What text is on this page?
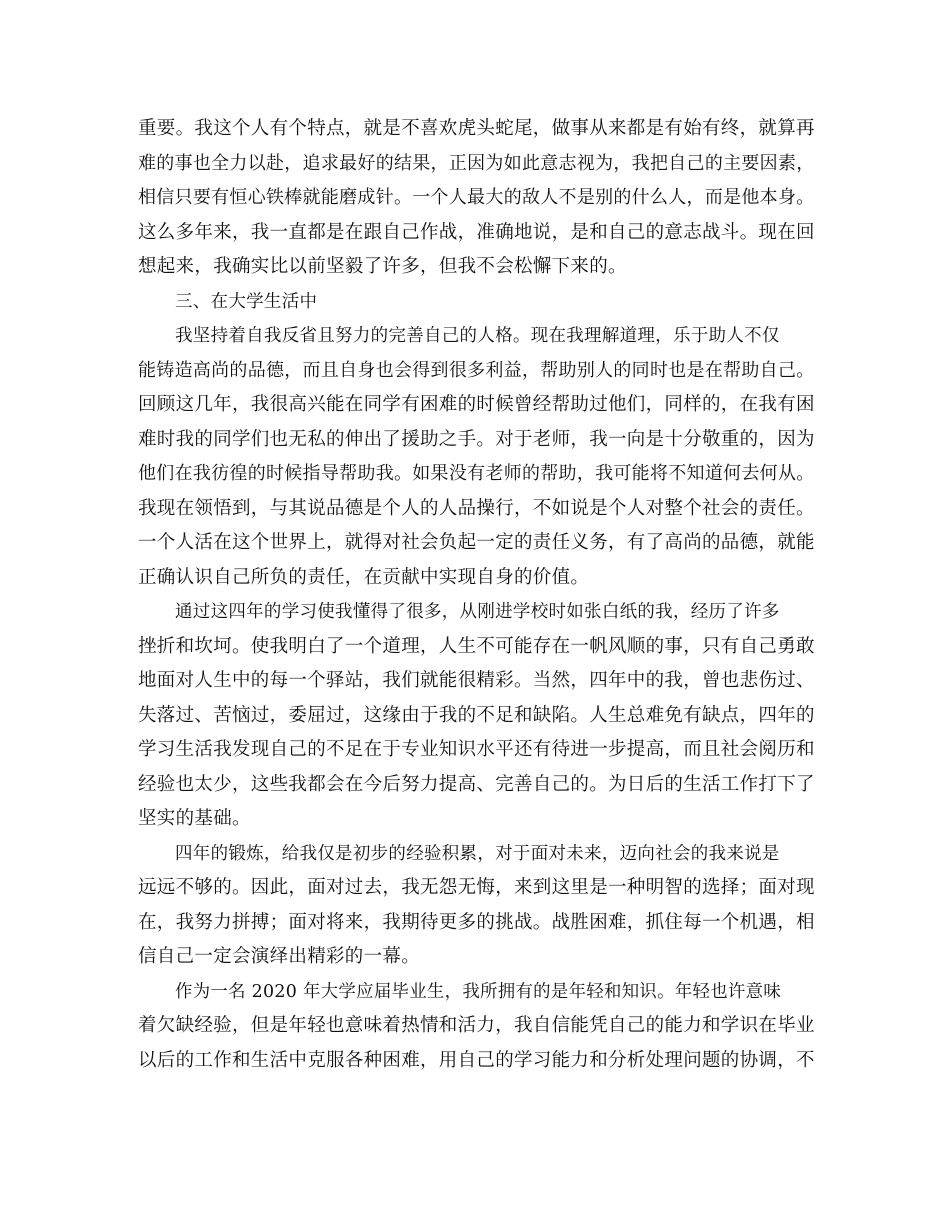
重要。我这个人有个特点，就是不喜欢虎头蛇尾，做事从来都是有始有终，就算再
难的事也全力以赴，追求最好的结果，正因为如此意志视为，我把自己的主要因素，
相信只要有恒心铁棒就能磨成针。一个人最大的敌人不是别的什么人，而是他本身。
这么多年来，我一直都是在跟自己作战，准确地说，是和自己的意志战斗。现在回
想起来，我确实比以前坚毅了许多，但我不会松懈下来的。
三、在大学生活中
我坚持着自我反省且努力的完善自己的人格。现在我理解道理，乐于助人不仅
能铸造高尚的品德，而且自身也会得到很多利益，帮助别人的同时也是在帮助自己。
回顾这几年，我很高兴能在同学有困难的时候曾经帮助过他们，同样的，在我有困
难时我的同学们也无私的伸出了援助之手。对于老师，我一向是十分敬重的，因为
他们在我彷徨的时候指导帮助我。如果没有老师的帮助，我可能将不知道何去何从。
我现在领悟到，与其说品德是个人的人品操行，不如说是个人对整个社会的责任。
一个人活在这个世界上，就得对社会负起一定的责任义务，有了高尚的品德，就能
正确认识自己所负的责任，在贡献中实现自身的价值。
通过这四年的学习使我懂得了很多，从刚进学校时如张白纸的我，经历了许多
挫折和坎坷。使我明白了一个道理，人生不可能存在一帆风顺的事，只有自己勇敢
地面对人生中的每一个驿站，我们就能很精彩。当然，四年中的我，曾也悲伤过、
失落过、苦恼过，委屈过，这缘由于我的不足和缺陷。人生总难免有缺点，四年的
学习生活我发现自己的不足在于专业知识水平还有待进一步提高，而且社会阅历和
经验也太少，这些我都会在今后努力提高、完善自己的。为日后的生活工作打下了
坚实的基础。
四年的锻炼，给我仅是初步的经验积累，对于面对未来，迈向社会的我来说是
远远不够的。因此，面对过去，我无怨无悔，来到这里是一种明智的选择；面对现
在，我努力拼搏；面对将来，我期待更多的挑战。战胜困难，抓住每一个机遇，相
信自己一定会演绎出精彩的一幕。
作为一名 2020 年大学应届毕业生，我所拥有的是年轻和知识。年轻也许意味
着欠缺经验，但是年轻也意味着热情和活力，我自信能凭自己的能力和学识在毕业
以后的工作和生活中克服各种困难，用自己的学习能力和分析处理问题的协调，不
